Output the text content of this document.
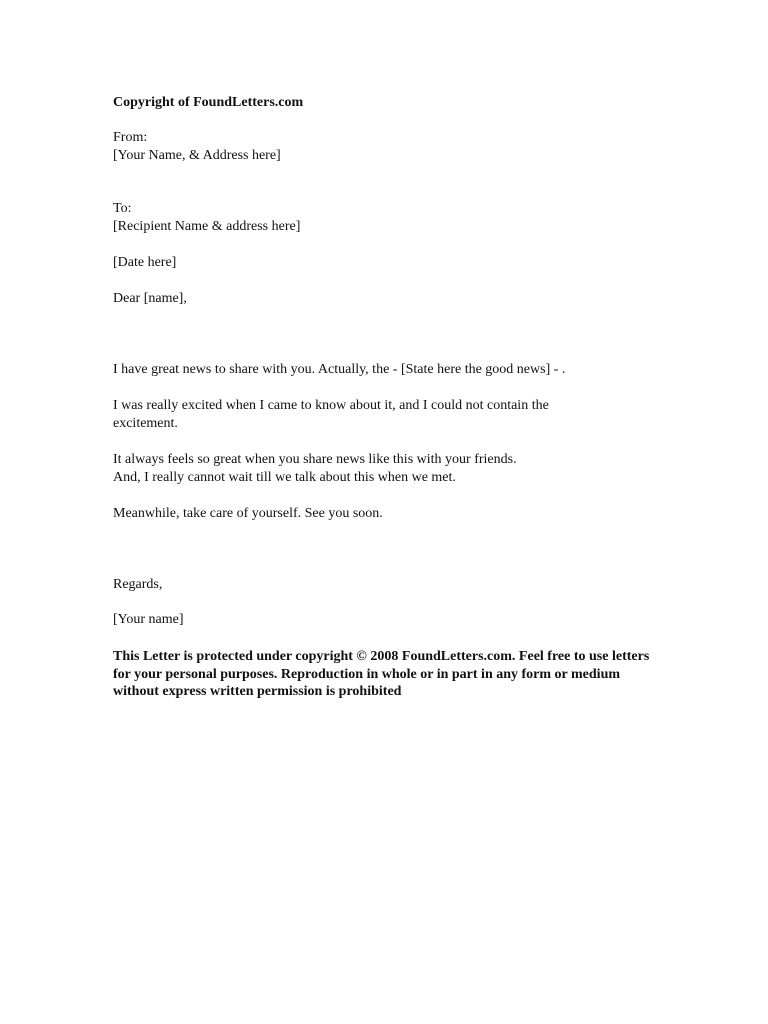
Copyright of FoundLetters.com
From:
[Your Name, & Address here]
To:
[Recipient Name & address here]
[Date here]
Dear [name],
I have great news to share with you. Actually, the - [State here the good news] - .
I was really excited when I came to know about it, and I could not contain the excitement.
It always feels so great when you share news like this with your friends.
And, I really cannot wait till we talk about this when we met.
Meanwhile, take care of yourself. See you soon.
Regards,
[Your name]
This Letter is protected under copyright © 2008 FoundLetters.com. Feel free to use letters for your personal purposes. Reproduction in whole or in part in any form or medium without express written permission is prohibited
